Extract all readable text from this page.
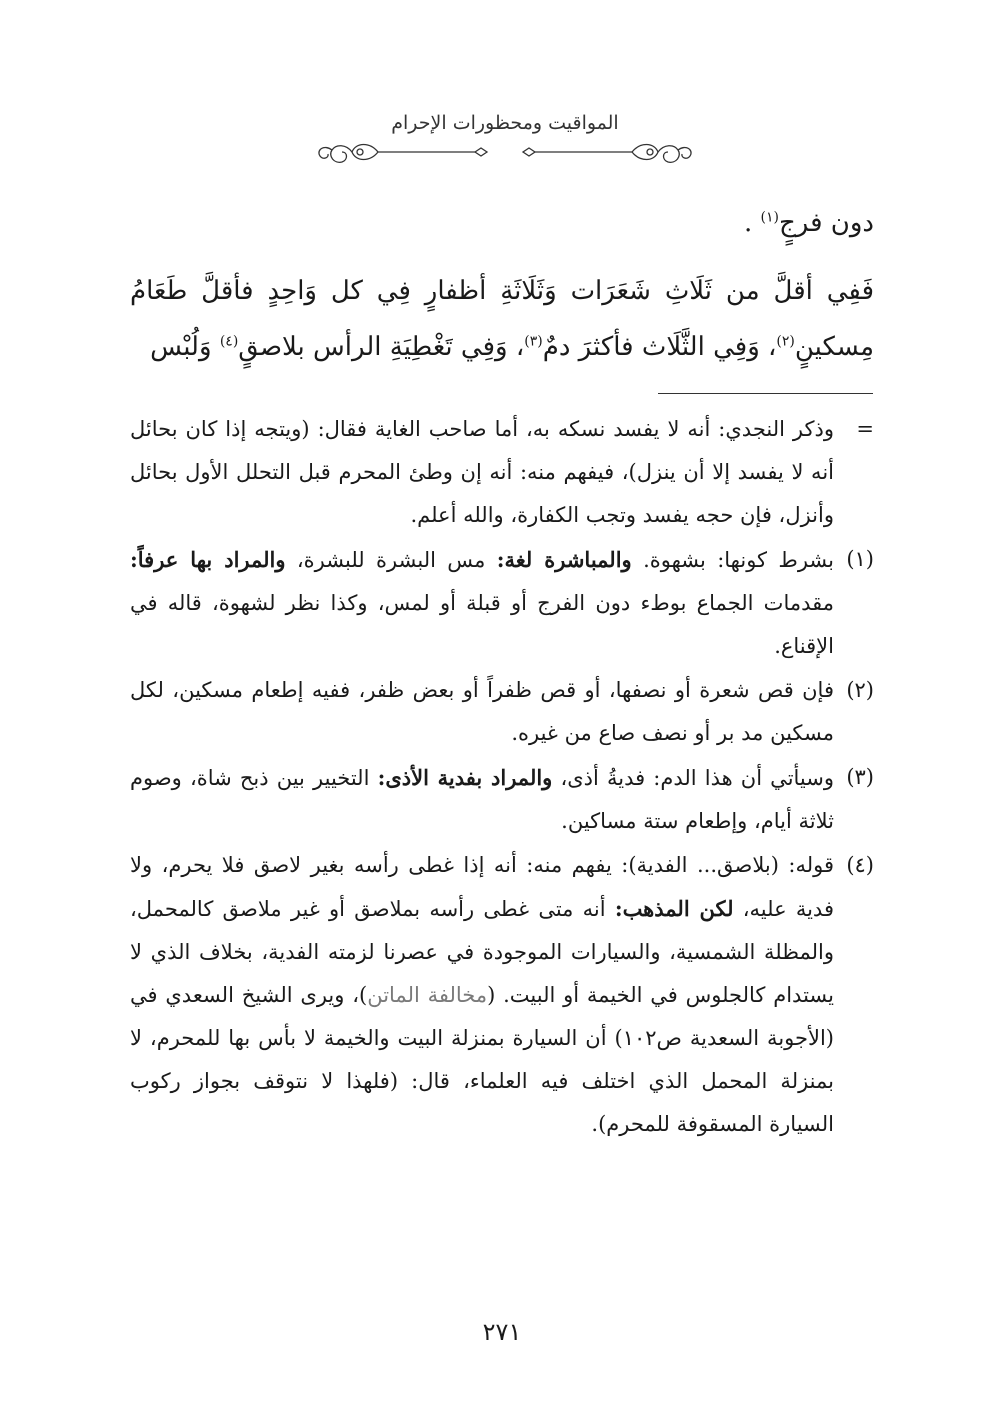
المواقيت ومحظورات الإحرام

دون فرجٍ$^{(١)}$ .

فَفِي أقلَّ من ثَلَاثِ شَعَرَات وَثَلَاثَةِ أظفارٍ فِي كل وَاحِدٍ فأقلَّ طَعَامُ مِسكينٍ$^{(٢)}$، وَفِي الثَّلَاث فأكثرَ دمٌ$^{(٣)}$، وَفِي تَغْطِيَةِ الرأس بلاصقٍ$^{(٤)}$ وَلُبْس

=
وذكر النجدي: أنه لا يفسد نسكه به، أما صاحب الغاية فقال: (ويتجه إذا كان بحائل أنه لا يفسد إلا أن ينزل)، فيفهم منه: أنه إن وطئ المحرم قبل التحلل الأول بحائل وأنزل، فإن حجه يفسد وتجب الكفارة، والله أعلم.
(١)
بشرط كونها: بشهوة. والمباشرة لغة: مس البشرة للبشرة، والمراد بها عرفاً: مقدمات الجماع بوطء دون الفرج أو قبلة أو لمس، وكذا نظر لشهوة، قاله في الإقناع.
(٢)
فإن قص شعرة أو نصفها، أو قص ظفراً أو بعض ظفر، ففيه إطعام مسكين، لكل مسكين مد بر أو نصف صاع من غيره.
(٣)
وسيأتي أن هذا الدم: فديةُ أذى، والمراد بفدية الأذى: التخيير بين ذبح شاة، وصوم ثلاثة أيام، وإطعام ستة مساكين.
(٤)
قوله: (بلاصق... الفدية): يفهم منه: أنه إذا غطى رأسه بغير لاصق فلا يحرم، ولا فدية عليه، لكن المذهب: أنه متى غطى رأسه بملاصق أو غير ملاصق كالمحمل، والمظلة الشمسية، والسيارات الموجودة في عصرنا لزمته الفدية، بخلاف الذي لا يستدام كالجلوس في الخيمة أو البيت. (مخالفة الماتن)، ويرى الشيخ السعدي في (الأجوبة السعدية ص١٠٢) أن السيارة بمنزلة البيت والخيمة لا بأس بها للمحرم، لا بمنزلة المحمل الذي اختلف فيه العلماء، قال: (فلهذا لا نتوقف بجواز ركوب السيارة المسقوفة للمحرم).
٢٧١
